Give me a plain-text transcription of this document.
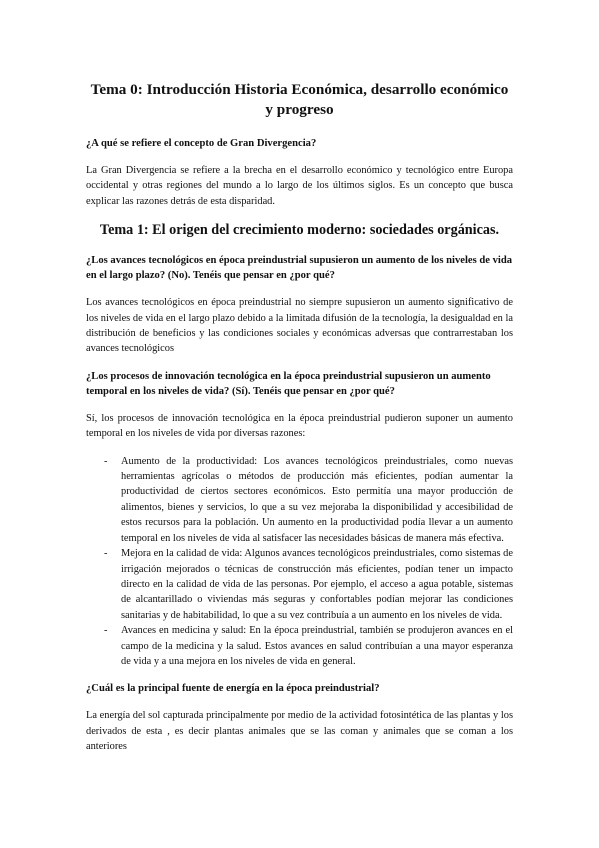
Tema 0: Introducción Historia Económica, desarrollo económico y progreso

¿A qué se refiere el concepto de Gran Divergencia?

La Gran Divergencia se refiere a la brecha en el desarrollo económico y tecnológico entre Europa occidental y otras regiones del mundo a lo largo de los últimos siglos. Es un concepto que busca explicar las razones detrás de esta disparidad.

Tema 1: El origen del crecimiento moderno: sociedades orgánicas.

¿Los avances tecnológicos en época preindustrial supusieron un aumento de los niveles de vida en el largo plazo? (No). Tenéis que pensar en ¿por qué?

Los avances tecnológicos en época preindustrial no siempre supusieron un aumento significativo de los niveles de vida en el largo plazo debido a la limitada difusión de la tecnología, la desigualdad en la distribución de beneficios y las condiciones sociales y económicas adversas que contrarrestaban los avances tecnológicos

¿Los procesos de innovación tecnológica en la época preindustrial supusieron un aumento temporal en los niveles de vida? (Sí). Tenéis que pensar en ¿por qué?

Sí, los procesos de innovación tecnológica en la época preindustrial pudieron suponer un aumento temporal en los niveles de vida por diversas razones:

- Aumento de la productividad: Los avances tecnológicos preindustriales, como nuevas herramientas agrícolas o métodos de producción más eficientes, podían aumentar la productividad de ciertos sectores económicos. Esto permitía una mayor producción de alimentos, bienes y servicios, lo que a su vez mejoraba la disponibilidad y accesibilidad de estos recursos para la población. Un aumento en la productividad podía llevar a un aumento temporal en los niveles de vida al satisfacer las necesidades básicas de manera más efectiva.
- Mejora en la calidad de vida: Algunos avances tecnológicos preindustriales, como sistemas de irrigación mejorados o técnicas de construcción más eficientes, podían tener un impacto directo en la calidad de vida de las personas. Por ejemplo, el acceso a agua potable, sistemas de alcantarillado o viviendas más seguras y confortables podían mejorar las condiciones sanitarias y de habitabilidad, lo que a su vez contribuía a un aumento en los niveles de vida.
- Avances en medicina y salud: En la época preindustrial, también se produjeron avances en el campo de la medicina y la salud. Estos avances en salud contribuían a una mayor esperanza de vida y a una mejora en los niveles de vida en general.

¿Cuál es la principal fuente de energía en la época preindustrial?

La energía del sol capturada principalmente por medio de la actividad fotosintética de las plantas y los derivados de esta , es decir plantas animales que se las coman y animales que se coman a los anteriores
